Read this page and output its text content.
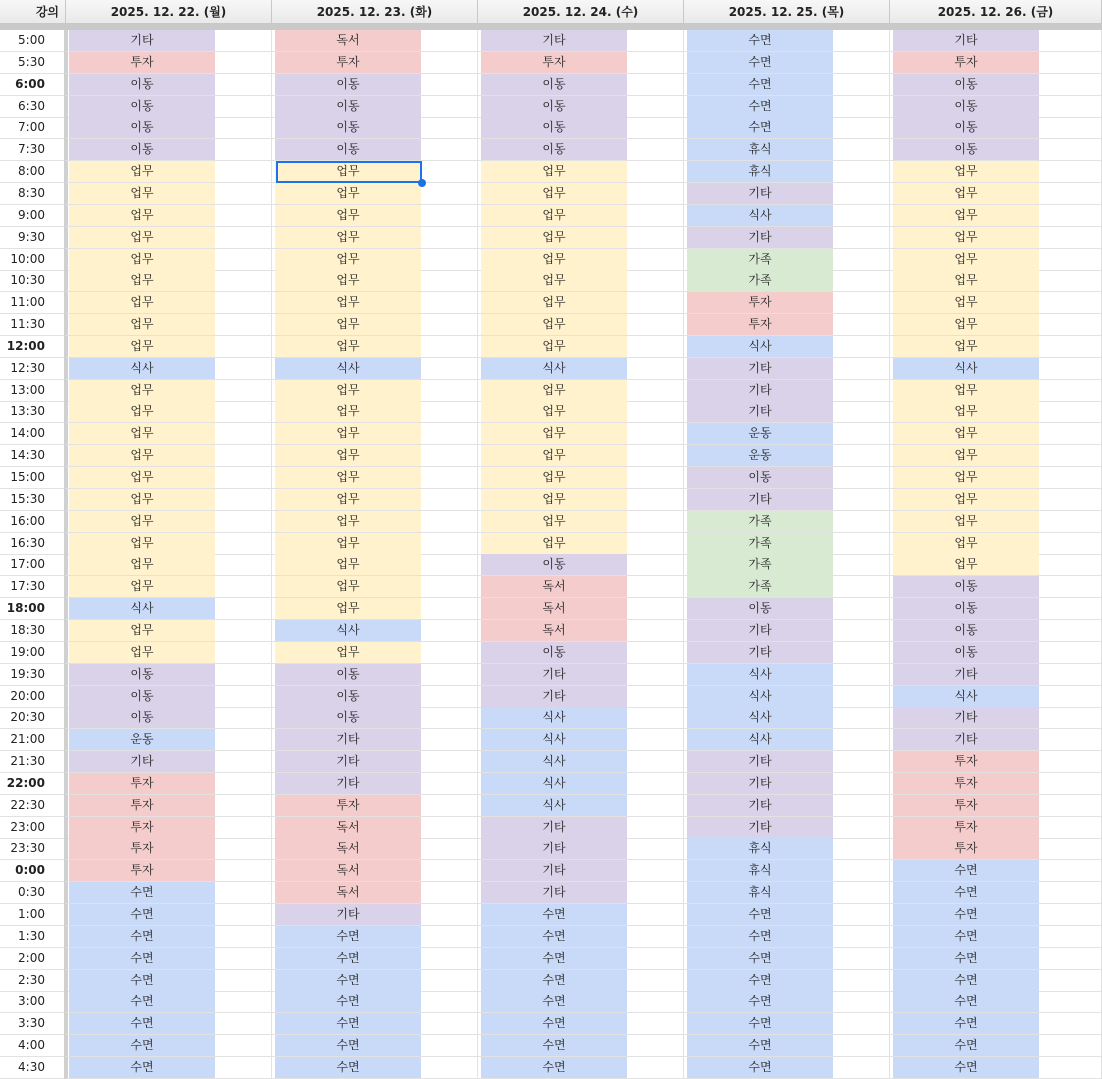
강의	2025. 12. 22. (월)	2025. 12. 23. (화)	2025. 12. 24. (수)	2025. 12. 25. (목)	2025. 12. 26. (금)
5:00	기타	독서	기타	수면	기타
5:30	투자	투자	투자	수면	투자
6:00	이동	이동	이동	수면	이동
6:30	이동	이동	이동	수면	이동
7:00	이동	이동	이동	수면	이동
7:30	이동	이동	이동	휴식	이동
8:00	업무	업무	업무	휴식	업무
8:30	업무	업무	업무	기타	업무
9:00	업무	업무	업무	식사	업무
9:30	업무	업무	업무	기타	업무
10:00	업무	업무	업무	가족	업무
10:30	업무	업무	업무	가족	업무
11:00	업무	업무	업무	투자	업무
11:30	업무	업무	업무	투자	업무
12:00	업무	업무	업무	식사	업무
12:30	식사	식사	식사	기타	식사
13:00	업무	업무	업무	기타	업무
13:30	업무	업무	업무	기타	업무
14:00	업무	업무	업무	운동	업무
14:30	업무	업무	업무	운동	업무
15:00	업무	업무	업무	이동	업무
15:30	업무	업무	업무	기타	업무
16:00	업무	업무	업무	가족	업무
16:30	업무	업무	업무	가족	업무
17:00	업무	업무	이동	가족	업무
17:30	업무	업무	독서	가족	이동
18:00	식사	업무	독서	이동	이동
18:30	업무	식사	독서	기타	이동
19:00	업무	업무	이동	기타	이동
19:30	이동	이동	기타	식사	기타
20:00	이동	이동	기타	식사	식사
20:30	이동	이동	식사	식사	기타
21:00	운동	기타	식사	식사	기타
21:30	기타	기타	식사	기타	투자
22:00	투자	기타	식사	기타	투자
22:30	투자	투자	식사	기타	투자
23:00	투자	독서	기타	기타	투자
23:30	투자	독서	기타	휴식	투자
0:00	투자	독서	기타	휴식	수면
0:30	수면	독서	기타	휴식	수면
1:00	수면	기타	수면	수면	수면
1:30	수면	수면	수면	수면	수면
2:00	수면	수면	수면	수면	수면
2:30	수면	수면	수면	수면	수면
3:00	수면	수면	수면	수면	수면
3:30	수면	수면	수면	수면	수면
4:00	수면	수면	수면	수면	수면
4:30	수면	수면	수면	수면	수면
